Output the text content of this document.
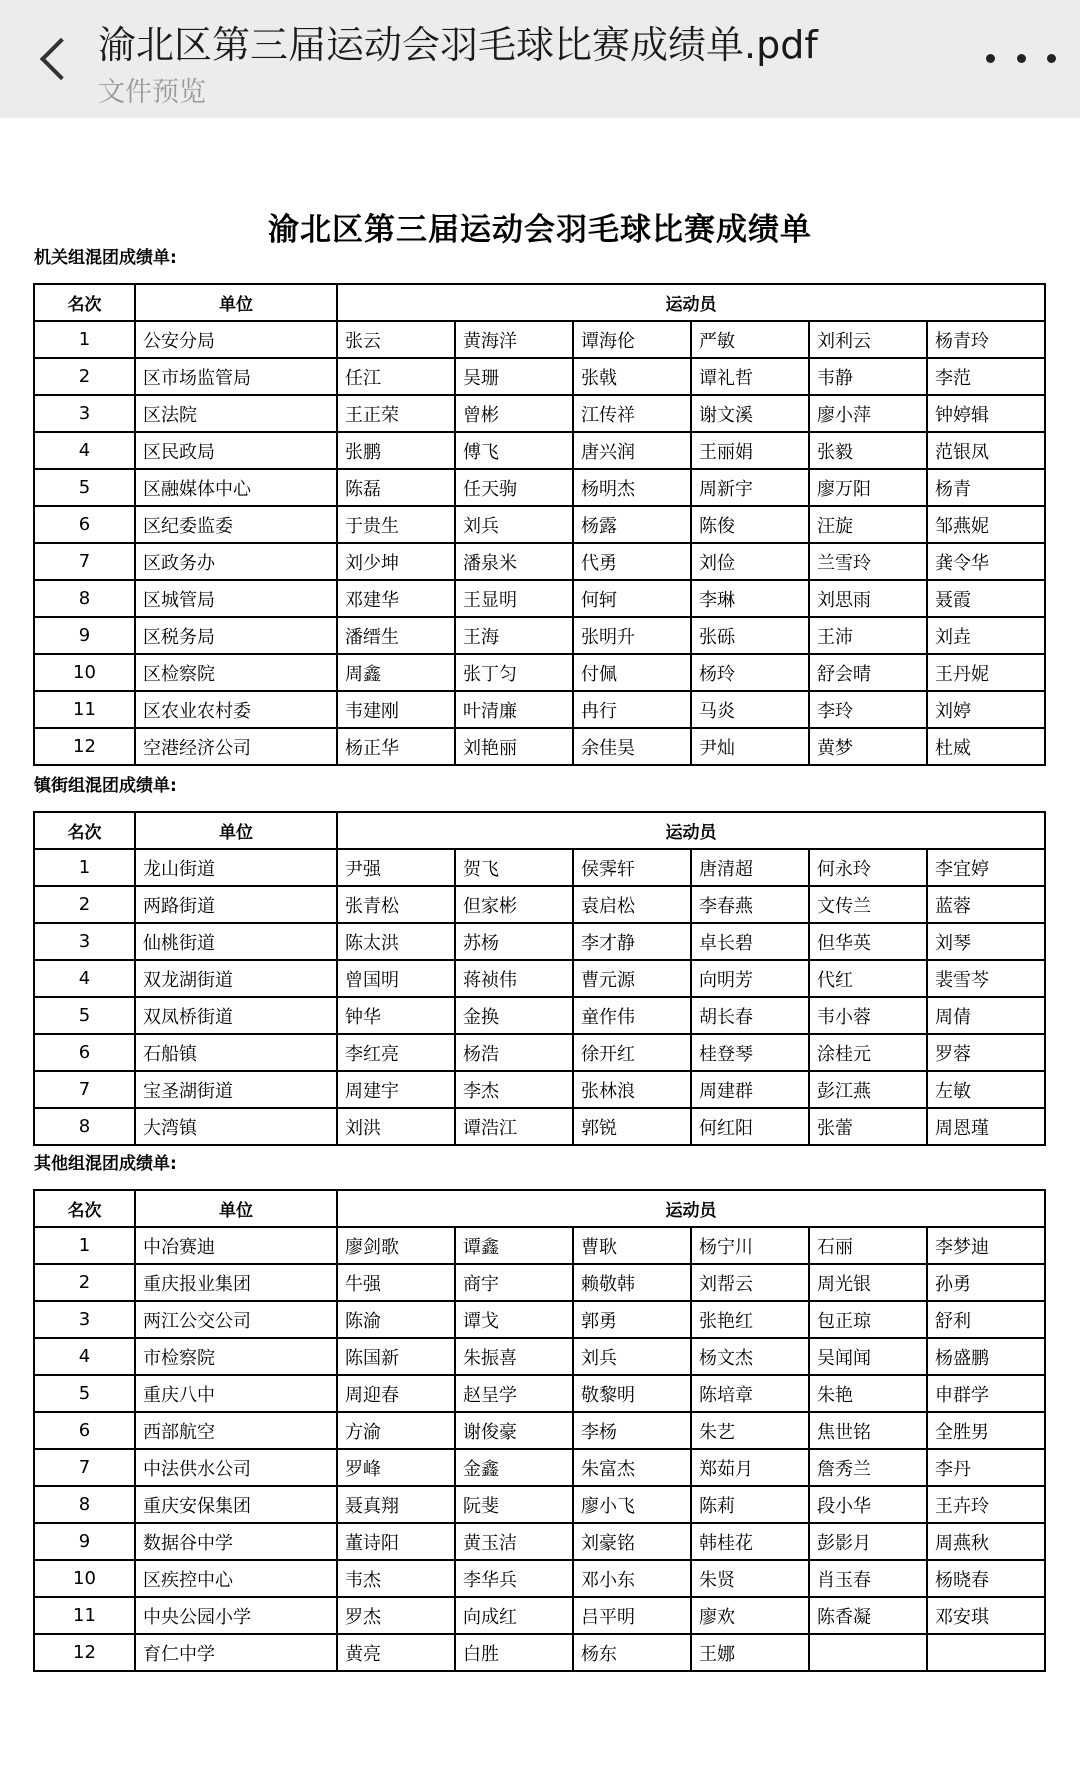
渝北区第三届运动会羽毛球比赛成绩单.pdf
文件预览
渝北区第三届运动会羽毛球比赛成绩单
机关组混团成绩单:
名次	单位	运动员					
1	公安分局	张云	黄海洋	谭海伦	严敏	刘利云	杨青玲
2	区市场监管局	任江	吴珊	张戟	谭礼哲	韦静	李范
3	区法院	王正荣	曾彬	江传祥	谢文溪	廖小萍	钟婷辑
4	区民政局	张鹏	傅飞	唐兴润	王丽娟	张毅	范银凤
5	区融媒体中心	陈磊	任天驹	杨明杰	周新宇	廖万阳	杨青
6	区纪委监委	于贵生	刘兵	杨露	陈俊	汪旋	邹燕妮
7	区政务办	刘少坤	潘泉米	代勇	刘俭	兰雪玲	龚令华
8	区城管局	邓建华	王显明	何轲	李琳	刘思雨	聂霞
9	区税务局	潘缙生	王海	张明升	张砾	王沛	刘垚
10	区检察院	周鑫	张丁匀	付佩	杨玲	舒会晴	王丹妮
11	区农业农村委	韦建刚	叶清廉	冉行	马炎	李玲	刘婷
12	空港经济公司	杨正华	刘艳丽	余佳昊	尹灿	黄梦	杜威
镇街组混团成绩单:
名次	单位	运动员					
1	龙山街道	尹强	贺飞	侯霁轩	唐清超	何永玲	李宜婷
2	两路街道	张青松	但家彬	袁启松	李春燕	文传兰	蓝蓉
3	仙桃街道	陈太洪	苏杨	李才静	卓长碧	但华英	刘琴
4	双龙湖街道	曾国明	蒋祯伟	曹元源	向明芳	代红	裴雪芩
5	双凤桥街道	钟华	金换	童作伟	胡长春	韦小蓉	周倩
6	石船镇	李红亮	杨浩	徐开红	桂登琴	涂桂元	罗蓉
7	宝圣湖街道	周建宇	李杰	张林浪	周建群	彭江燕	左敏
8	大湾镇	刘洪	谭浩江	郭锐	何红阳	张蕾	周恩瑾
其他组混团成绩单:
名次	单位	运动员					
1	中冶赛迪	廖剑歌	谭鑫	曹耿	杨宁川	石丽	李梦迪
2	重庆报业集团	牛强	商宇	赖敬韩	刘帮云	周光银	孙勇
3	两江公交公司	陈渝	谭戈	郭勇	张艳红	包正琼	舒利
4	市检察院	陈国新	朱振喜	刘兵	杨文杰	吴闻闻	杨盛鹏
5	重庆八中	周迎春	赵呈学	敬黎明	陈培章	朱艳	申群学
6	西部航空	方渝	谢俊豪	李杨	朱艺	焦世铭	全胜男
7	中法供水公司	罗峰	金鑫	朱富杰	郑茹月	詹秀兰	李丹
8	重庆安保集团	聂真翔	阮斐	廖小飞	陈莉	段小华	王卉玲
9	数据谷中学	董诗阳	黄玉洁	刘豪铭	韩桂花	彭影月	周燕秋
10	区疾控中心	韦杰	李华兵	邓小东	朱贤	肖玉春	杨晓春
11	中央公园小学	罗杰	向成红	吕平明	廖欢	陈香凝	邓安琪
12	育仁中学	黄亮	白胜	杨东	王娜		
